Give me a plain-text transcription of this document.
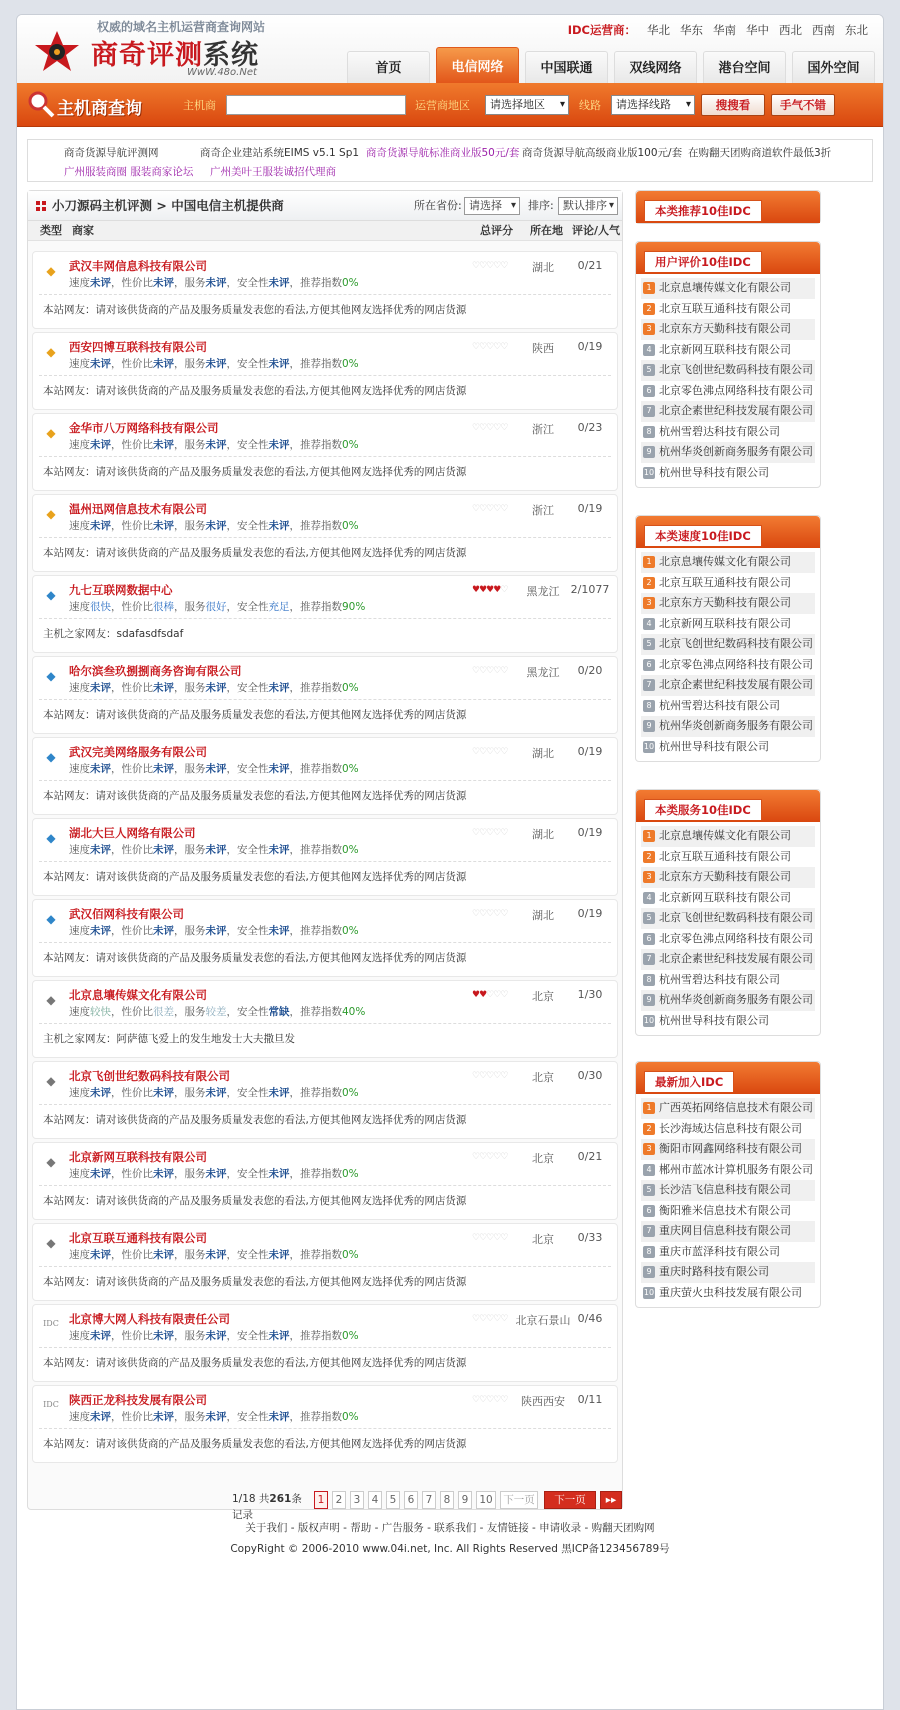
权威的域名主机运营商查询网站
商奇评测系统
WwW.48o.Net
IDC运营商： 华北 华东 华南 华中 西北 西南 东北
首页	电信网络	中国联通	双线网络	港台空间	国外空间
主机商查询	主机商	运营商地区	请选择地区 ▾	线路	请选择线路 ▾	搜搜看	手气不错
商奇货源导航评测网	商奇企业建站系统EIMS v5.1 Sp1 商奇货源导航标准商业版50元/套 商奇货源导航高级商业版100元/套 在购翻天团购商道软件最低3折
广州服装商圈 服装商家论坛 广州美叶王服装诚招代理商
小刀源码主机评测 > 中国电信主机提供商	所在省份: 请选择 ▾	排序: 默认排序 ▾
类型 商家	总评分 所在地 评论/人气
◆ 武汉丰网信息科技有限公司
速度未评，性价比未评，服务未评，安全性未评，推荐指数0%
♡♡♡♡♡	湖北	0/21
本站网友：请对该供货商的产品及服务质量发表您的看法,方便其他网友选择优秀的网店货源
◆ 西安四博互联科技有限公司
速度未评，性价比未评，服务未评，安全性未评，推荐指数0%
♡♡♡♡♡	陕西	0/19
本站网友：请对该供货商的产品及服务质量发表您的看法,方便其他网友选择优秀的网店货源
◆ 金华市八万网络科技有限公司
速度未评，性价比未评，服务未评，安全性未评，推荐指数0%
♡♡♡♡♡	浙江	0/23
本站网友：请对该供货商的产品及服务质量发表您的看法,方便其他网友选择优秀的网店货源
◆ 温州迅网信息技术有限公司
速度未评，性价比未评，服务未评，安全性未评，推荐指数0%
♡♡♡♡♡	浙江	0/19
本站网友：请对该供货商的产品及服务质量发表您的看法,方便其他网友选择优秀的网店货源
◆ 九七互联网数据中心
速度很快，性价比很棒，服务很好，安全性充足，推荐指数90%
♥♥♥♥♡	黑龙江	2/1077
主机之家网友：sdafasdfsdaf
◆ 哈尔滨叁玖捌捌商务咨询有限公司
速度未评，性价比未评，服务未评，安全性未评，推荐指数0%
♡♡♡♡♡	黑龙江	0/20
本站网友：请对该供货商的产品及服务质量发表您的看法,方便其他网友选择优秀的网店货源
◆ 武汉完美网络服务有限公司
速度未评，性价比未评，服务未评，安全性未评，推荐指数0%
♡♡♡♡♡	湖北	0/19
本站网友：请对该供货商的产品及服务质量发表您的看法,方便其他网友选择优秀的网店货源
◆ 湖北大巨人网络有限公司
速度未评，性价比未评，服务未评，安全性未评，推荐指数0%
♡♡♡♡♡	湖北	0/19
本站网友：请对该供货商的产品及服务质量发表您的看法,方便其他网友选择优秀的网店货源
◆ 武汉佰网科技有限公司
速度未评，性价比未评，服务未评，安全性未评，推荐指数0%
♡♡♡♡♡	湖北	0/19
本站网友：请对该供货商的产品及服务质量发表您的看法,方便其他网友选择优秀的网店货源
◆ 北京息壤传媒文化有限公司
速度较快，性价比很差，服务较差，安全性常缺，推荐指数40%
♥♥♡♡♡	北京	1/30
主机之家网友：阿萨德飞爱上的发生地发士大夫撒旦发
◆ 北京飞创世纪数码科技有限公司
速度未评，性价比未评，服务未评，安全性未评，推荐指数0%
♡♡♡♡♡	北京	0/30
本站网友：请对该供货商的产品及服务质量发表您的看法,方便其他网友选择优秀的网店货源
◆ 北京新网互联科技有限公司
速度未评，性价比未评，服务未评，安全性未评，推荐指数0%
♡♡♡♡♡	北京	0/21
本站网友：请对该供货商的产品及服务质量发表您的看法,方便其他网友选择优秀的网店货源
◆ 北京互联互通科技有限公司
速度未评，性价比未评，服务未评，安全性未评，推荐指数0%
♡♡♡♡♡	北京	0/33
本站网友：请对该供货商的产品及服务质量发表您的看法,方便其他网友选择优秀的网店货源
IDC 北京博大网人科技有限责任公司
速度未评，性价比未评，服务未评，安全性未评，推荐指数0%
♡♡♡♡♡ 北京石景山 0/46
本站网友：请对该供货商的产品及服务质量发表您的看法,方便其他网友选择优秀的网店货源
IDC 陕西正龙科技发展有限公司
速度未评，性价比未评，服务未评，安全性未评，推荐指数0%
♡♡♡♡♡	陕西西安	0/11
本站网友：请对该供货商的产品及服务质量发表您的看法,方便其他网友选择优秀的网店货源
1/18 共261条记录
1	2	3	4	5	6	7	8	9	10	下一页	下一页	▸▸
本类推荐10佳IDC
用户评价10佳IDC
1 北京息壤传媒文化有限公司
2 北京互联互通科技有限公司
3 北京东方天勤科技有限公司
4 北京新网互联科技有限公司
5 北京飞创世纪数码科技有限公司
6 北京零色沸点网络科技有限公司
7 北京企素世纪科技发展有限公司
8 杭州雪碧达科技有限公司
9 杭州华炎创新商务服务有限公司
10 杭州世导科技有限公司
本类速度10佳IDC
1 北京息壤传媒文化有限公司
2 北京互联互通科技有限公司
3 北京东方天勤科技有限公司
4 北京新网互联科技有限公司
5 北京飞创世纪数码科技有限公司
6 北京零色沸点网络科技有限公司
7 北京企素世纪科技发展有限公司
8 杭州雪碧达科技有限公司
9 杭州华炎创新商务服务有限公司
10 杭州世导科技有限公司
本类服务10佳IDC
1 北京息壤传媒文化有限公司
2 北京互联互通科技有限公司
3 北京东方天勤科技有限公司
4 北京新网互联科技有限公司
5 北京飞创世纪数码科技有限公司
6 北京零色沸点网络科技有限公司
7 北京企素世纪科技发展有限公司
8 杭州雪碧达科技有限公司
9 杭州华炎创新商务服务有限公司
10 杭州世导科技有限公司
最新加入IDC
1 广西英拓网络信息技术有限公司
2 长沙海域达信息科技有限公司
3 衡阳市网鑫网络科技有限公司
4 郴州市蓝冰计算机服务有限公司
5 长沙洁飞信息科技有限公司
6 衡阳雅米信息技术有限公司
7 重庆网目信息科技有限公司
8 重庆市蓝泽科技有限公司
9 重庆时路科技有限公司
10 重庆萤火虫科技发展有限公司
关于我们 - 版权声明 - 帮助 - 广告服务 - 联系我们 - 友情链接 - 申请收录 - 购翻天团购网
CopyRight © 2006-2010 www.04i.net, Inc. All Rights Reserved 黑ICP备123456789号
